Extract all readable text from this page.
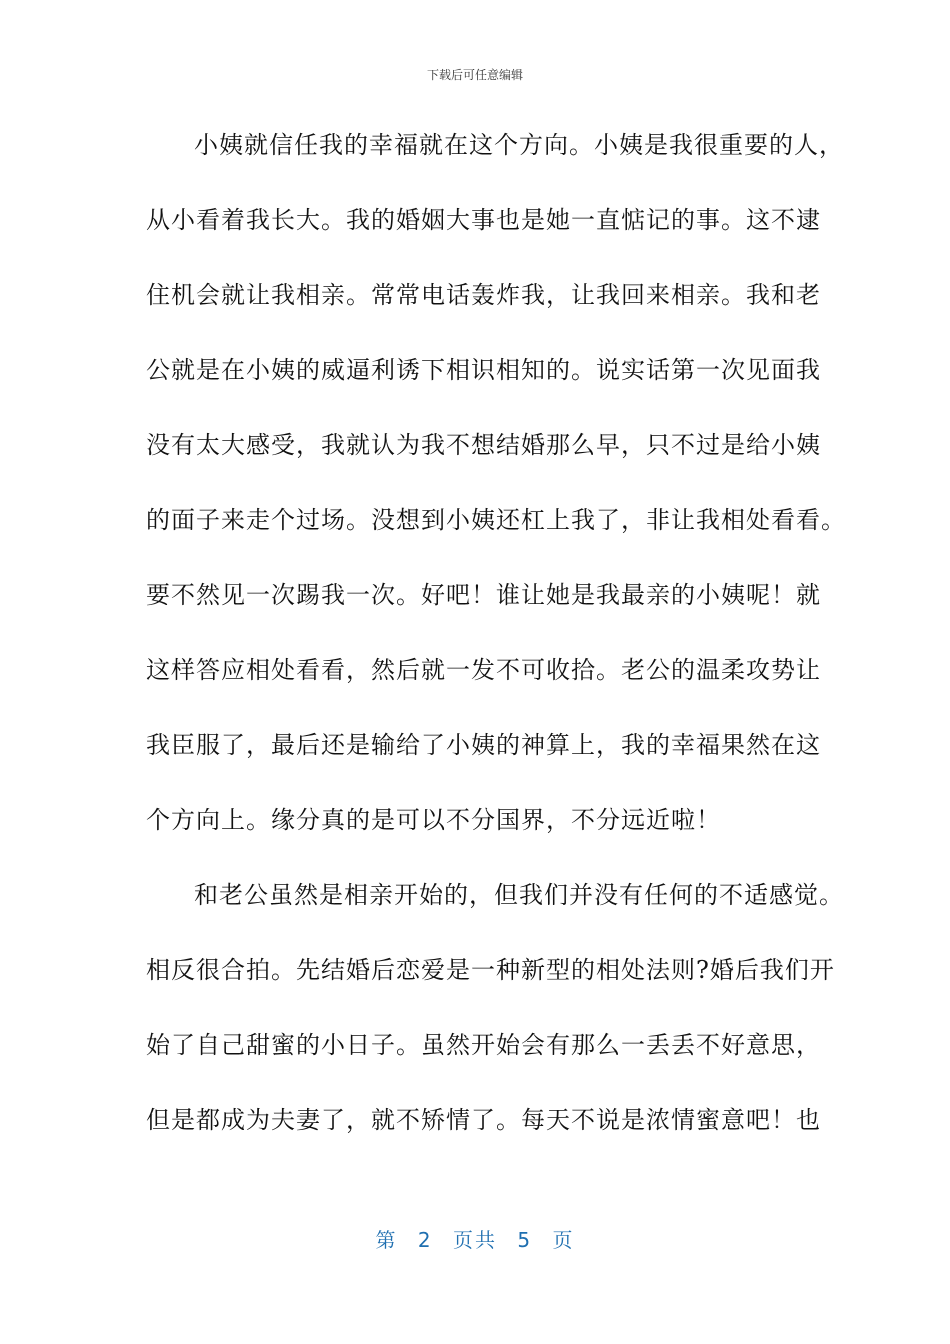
下载后可任意编辑
小姨就信任我的幸福就在这个方向。小姨是我很重要的人，
从小看着我长大。我的婚姻大事也是她一直惦记的事。这不逮
住机会就让我相亲。常常电话轰炸我，让我回来相亲。我和老
公就是在小姨的威逼利诱下相识相知的。说实话第一次见面我
没有太大感受，我就认为我不想结婚那么早，只不过是给小姨
的面子来走个过场。没想到小姨还杠上我了，非让我相处看看。
要不然见一次踢我一次。好吧！谁让她是我最亲的小姨呢！就
这样答应相处看看，然后就一发不可收拾。老公的温柔攻势让
我臣服了，最后还是输给了小姨的神算上，我的幸福果然在这
个方向上。缘分真的是可以不分国界，不分远近啦！
和老公虽然是相亲开始的，但我们并没有任何的不适感觉。
相反很合拍。先结婚后恋爱是一种新型的相处法则?婚后我们开
始了自己甜蜜的小日子。虽然开始会有那么一丢丢不好意思，
但是都成为夫妻了，就不矫情了。每天不说是浓情蜜意吧！也
第 2 页共 5 页
